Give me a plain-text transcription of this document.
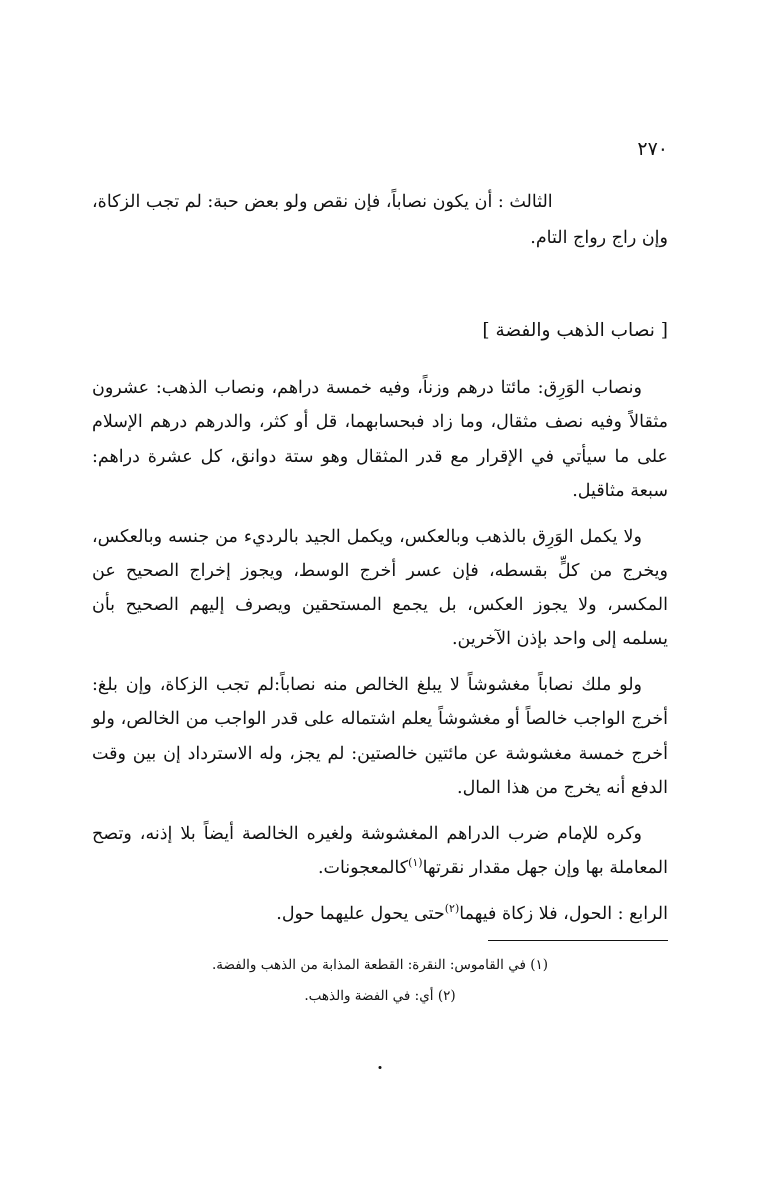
٢٧٠

الثالث : أن يكون نصاباً، فإن نقص ولو بعض حبة: لم تجب الزكاة،

وإن راج رواج التام.

[ نصاب الذهب والفضة ]

ونصاب الوَرِق: مائتا درهم وزناً، وفيه خمسة دراهم، ونصاب الذهب: عشرون مثقالاً وفيه نصف مثقال، وما زاد فبحسابهما، قل أو كثر، والدرهم درهم الإسلام على ما سيأتي في الإقرار مع قدر المثقال وهو ستة دوانق، كل عشرة دراهم: سبعة مثاقيل.

ولا يكمل الوَرِق بالذهب وبالعكس، ويكمل الجيد بالرديء من جنسه وبالعكس، ويخرج من كلٍّ بقسطه، فإن عسر أخرج الوسط، ويجوز إخراج الصحيح عن المكسر، ولا يجوز العكس، بل يجمع المستحقين ويصرف إليهم الصحيح بأن يسلمه إلى واحد بإذن الآخرين.

ولو ملك نصاباً مغشوشاً لا يبلغ الخالص منه نصاباً:لم تجب الزكاة، وإن بلغ: أخرج الواجب خالصاً أو مغشوشاً يعلم اشتماله على قدر الواجب من الخالص، ولو أخرج خمسة مغشوشة عن مائتين خالصتين: لم يجز، وله الاسترداد إن بين وقت الدفع أنه يخرج من هذا المال.

وكره للإمام ضرب الدراهم المغشوشة ولغيره الخالصة أيضاً بلا إذنه، وتصح المعاملة بها وإن جهل مقدار نقرتها$^{(١)}$كالمعجونات.

الرابع : الحول، فلا زكاة فيهما$^{(٢)}$حتى يحول عليهما حول.

(١) في القاموس: النقرة: القطعة المذابة من الذهب والفضة.

(٢) أي: في الفضة والذهب.
